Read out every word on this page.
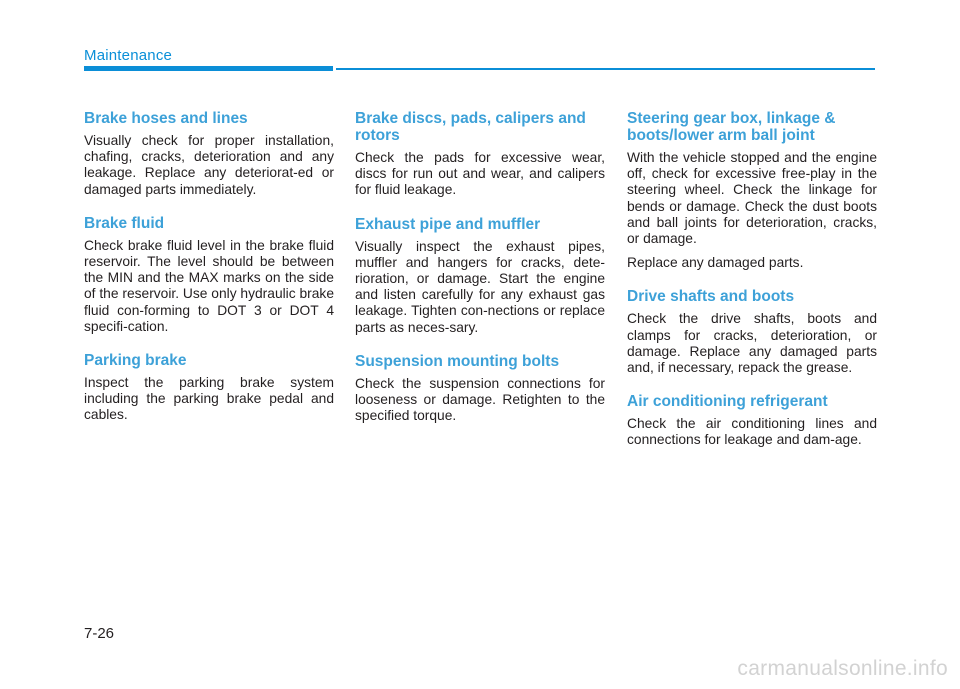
Maintenance
Brake hoses and lines

Visually check for proper installation, chafing, cracks, deterioration and any leakage. Replace any deteriorat-ed or damaged parts immediately.

Brake fluid

Check brake fluid level in the brake fluid reservoir. The level should be between the MIN and the MAX marks on the side of the reservoir. Use only hydraulic brake fluid con-forming to DOT 3 or DOT 4 specifi-cation.

Parking brake

Inspect the parking brake system including the parking brake pedal and cables.

Brake discs, pads, calipers and rotors

Check the pads for excessive wear, discs for run out and wear, and calipers for fluid leakage.

Exhaust pipe and muffler

Visually inspect the exhaust pipes, muffler and hangers for cracks, dete-rioration, or damage. Start the engine and listen carefully for any exhaust gas leakage. Tighten con-nections or replace parts as neces-sary.

Suspension mounting bolts

Check the suspension connections for looseness or damage. Retighten to the specified torque.

Steering gear box, linkage & boots/lower arm ball joint

With the vehicle stopped and the engine off, check for excessive free-play in the steering wheel. Check the linkage for bends or damage. Check the dust boots and ball joints for deterioration, cracks, or damage.

Replace any damaged parts.

Drive shafts and boots

Check the drive shafts, boots and clamps for cracks, deterioration, or damage. Replace any damaged parts and, if necessary, repack the grease.

Air conditioning refrigerant

Check the air conditioning lines and connections for leakage and dam-age.

7-26
carmanualsonline.info
